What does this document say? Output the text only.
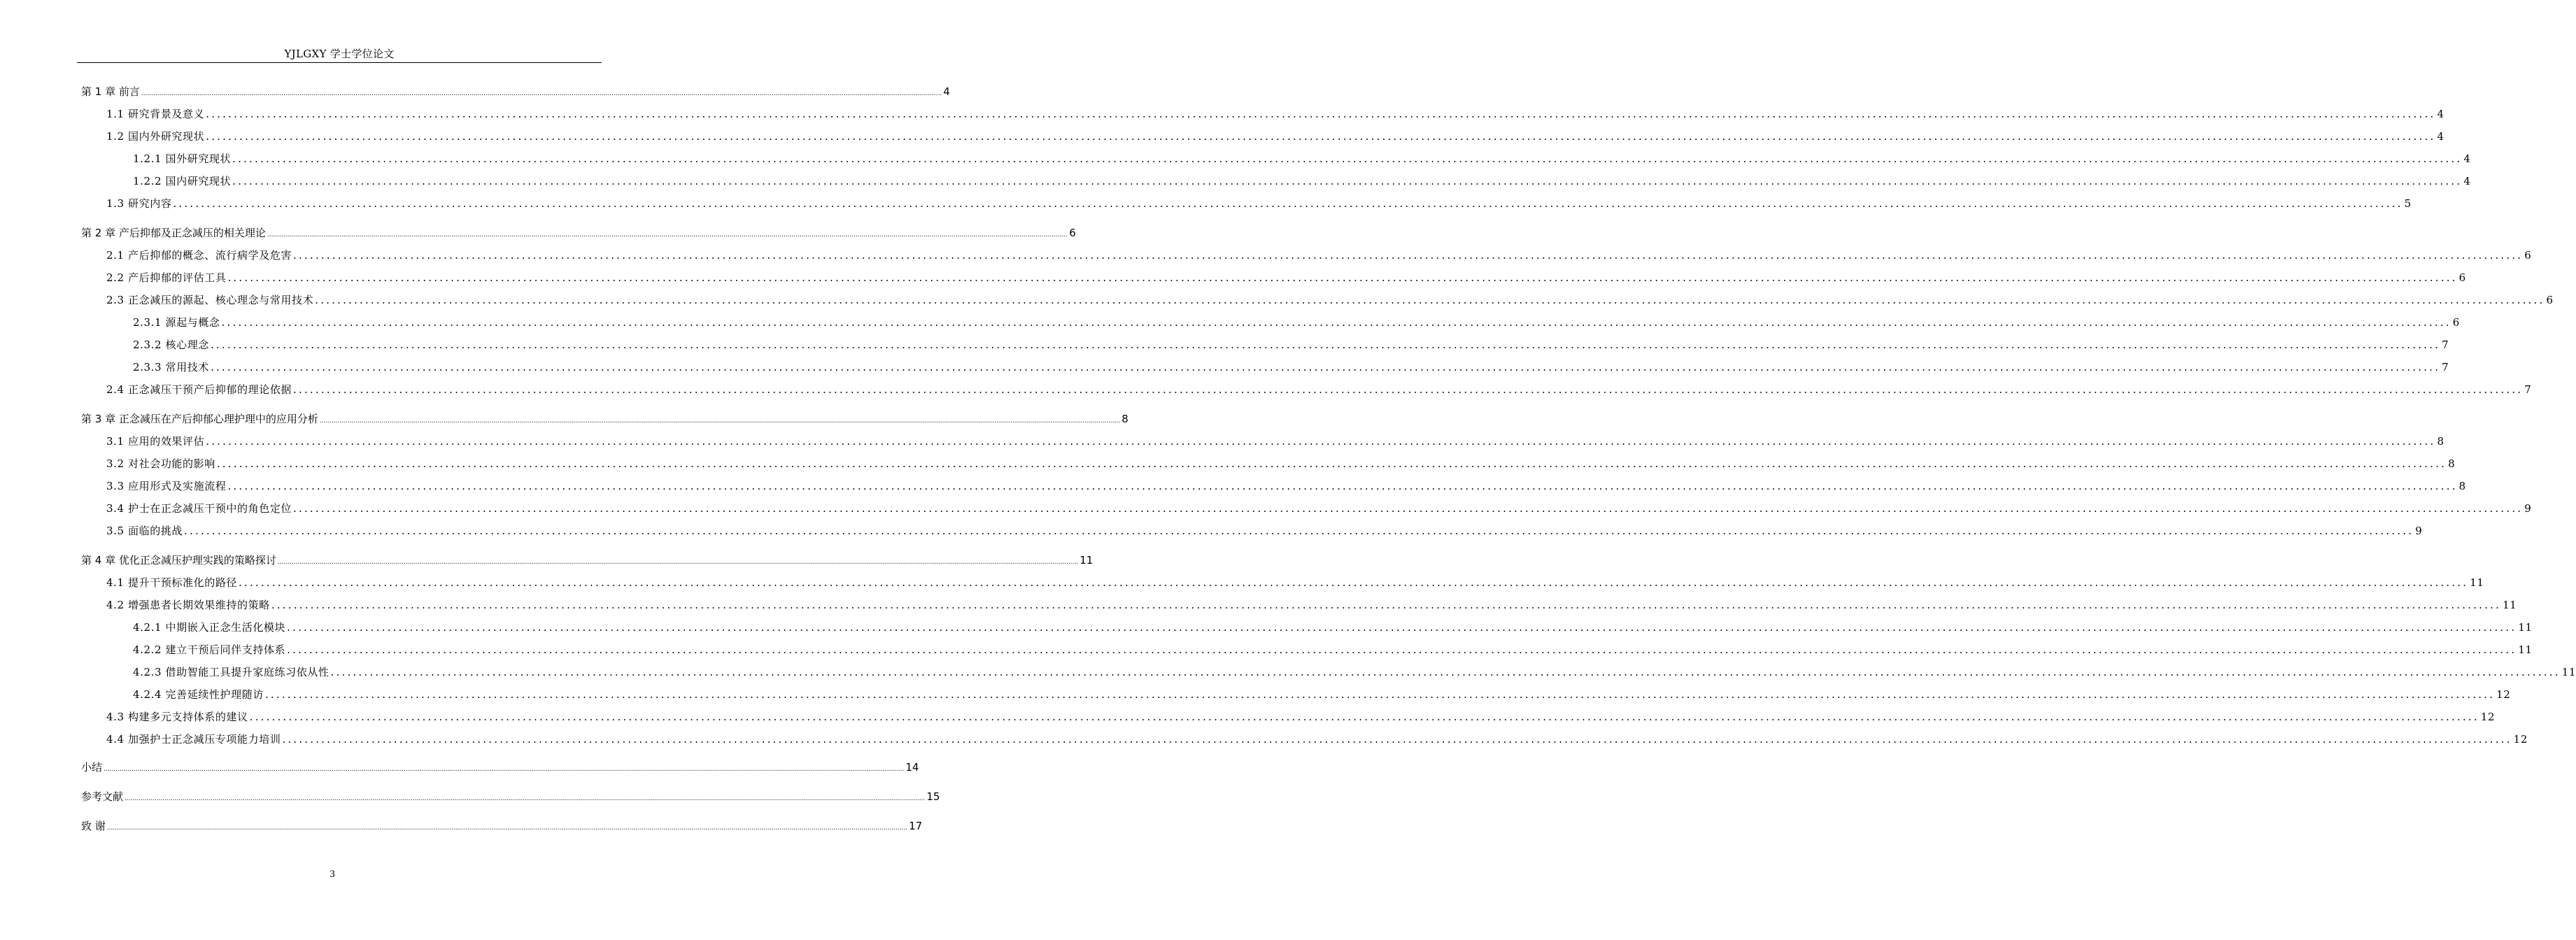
YJLGXY 学士学位论文
第 1 章 前言 ................................................................................................................................................................................................................................................................................................................................................................................................................ 4
1.1 研究背景及意义 ................................................................................................................................................................................................................................................................................................................................................................................................................ 4
1.2 国内外研究现状 ................................................................................................................................................................................................................................................................................................................................................................................................................ 4
1.2.1 国外研究现状 ................................................................................................................................................................................................................................................................................................................................................................................................................ 4
1.2.2 国内研究现状 ................................................................................................................................................................................................................................................................................................................................................................................................................ 4
1.3 研究内容 ................................................................................................................................................................................................................................................................................................................................................................................................................ 5
第 2 章 产后抑郁及正念减压的相关理论 ................................................................................................................................................................................................................................................................................................................................................................................................................ 6
2.1 产后抑郁的概念、流行病学及危害 ................................................................................................................................................................................................................................................................................................................................................................................................................ 6
2.2 产后抑郁的评估工具 ................................................................................................................................................................................................................................................................................................................................................................................................................ 6
2.3 正念减压的源起、核心理念与常用技术 ................................................................................................................................................................................................................................................................................................................................................................................................................ 6
2.3.1 源起与概念 ................................................................................................................................................................................................................................................................................................................................................................................................................ 6
2.3.2 核心理念 ................................................................................................................................................................................................................................................................................................................................................................................................................ 7
2.3.3 常用技术 ................................................................................................................................................................................................................................................................................................................................................................................................................ 7
2.4 正念减压干预产后抑郁的理论依据 ................................................................................................................................................................................................................................................................................................................................................................................................................ 7
第 3 章 正念减压在产后抑郁心理护理中的应用分析 ................................................................................................................................................................................................................................................................................................................................................................................................................ 8
3.1 应用的效果评估 ................................................................................................................................................................................................................................................................................................................................................................................................................ 8
3.2 对社会功能的影响 ................................................................................................................................................................................................................................................................................................................................................................................................................ 8
3.3 应用形式及实施流程 ................................................................................................................................................................................................................................................................................................................................................................................................................ 8
3.4 护士在正念减压干预中的角色定位 ................................................................................................................................................................................................................................................................................................................................................................................................................ 9
3.5 面临的挑战 ................................................................................................................................................................................................................................................................................................................................................................................................................ 9
第 4 章 优化正念减压护理实践的策略探讨 ................................................................................................................................................................................................................................................................................................................................................................................................................ 11
4.1 提升干预标准化的路径 ................................................................................................................................................................................................................................................................................................................................................................................................................ 11
4.2 增强患者长期效果维持的策略 ................................................................................................................................................................................................................................................................................................................................................................................................................ 11
4.2.1 中期嵌入正念生活化模块 ................................................................................................................................................................................................................................................................................................................................................................................................................ 11
4.2.2 建立干预后同伴支持体系 ................................................................................................................................................................................................................................................................................................................................................................................................................ 11
4.2.3 借助智能工具提升家庭练习依从性 ................................................................................................................................................................................................................................................................................................................................................................................................................ 11
4.2.4 完善延续性护理随访 ................................................................................................................................................................................................................................................................................................................................................................................................................ 12
4.3 构建多元支持体系的建议 ................................................................................................................................................................................................................................................................................................................................................................................................................ 12
4.4 加强护士正念减压专项能力培训 ................................................................................................................................................................................................................................................................................................................................................................................................................ 12
小结 ................................................................................................................................................................................................................................................................................................................................................................................................................ 14
参考文献 ................................................................................................................................................................................................................................................................................................................................................................................................................ 15
致 谢 ................................................................................................................................................................................................................................................................................................................................................................................................................ 17
3
